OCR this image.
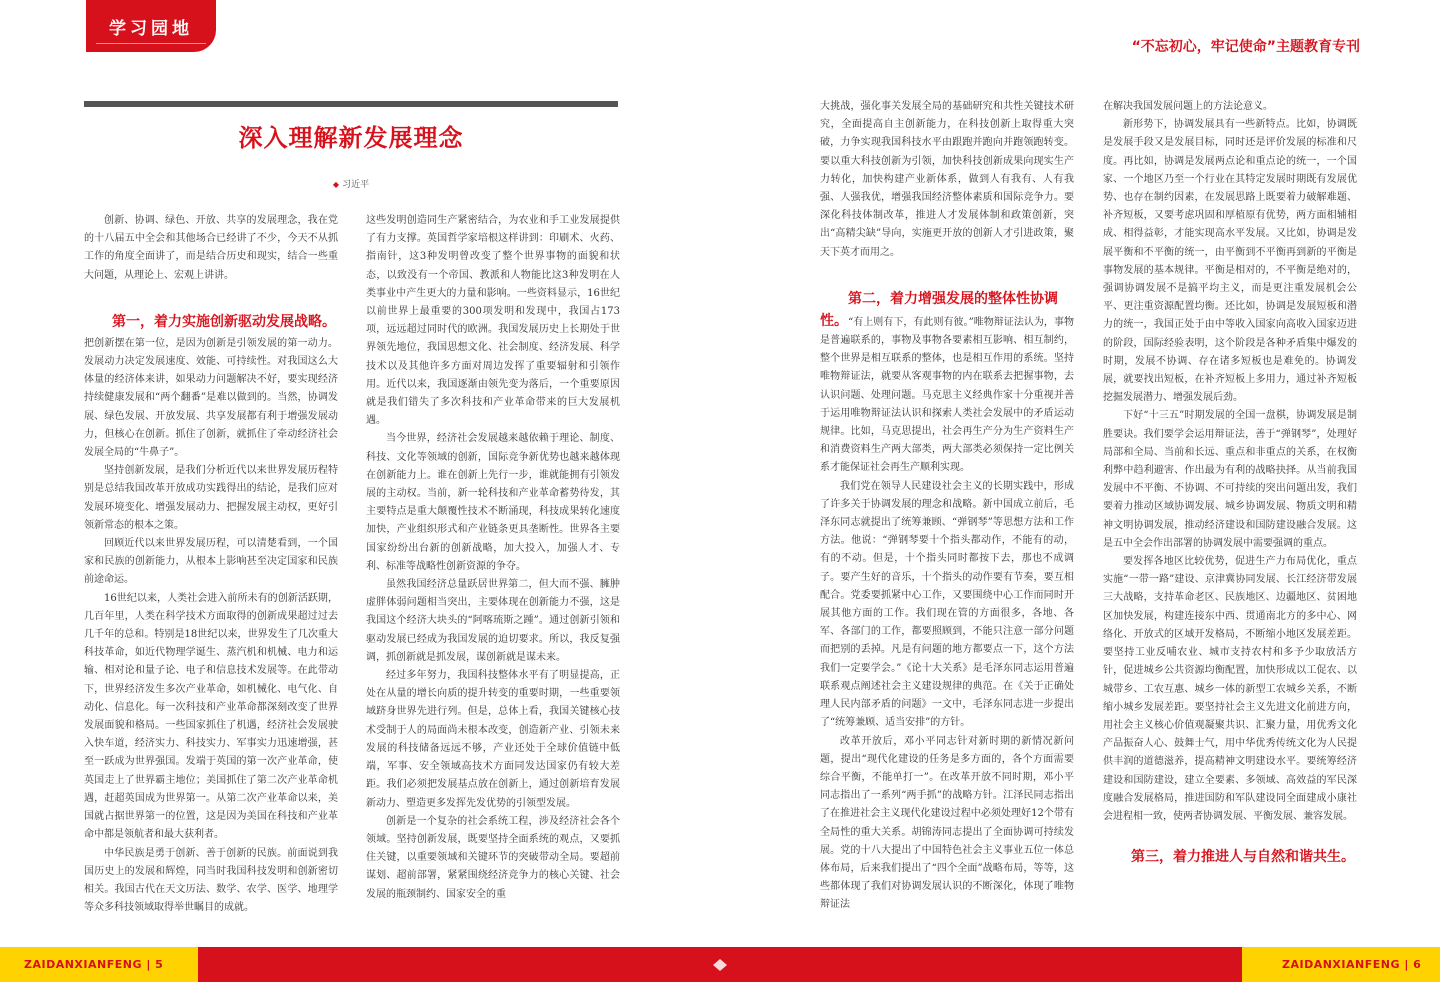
学习园地
“不忘初心，牢记使命”主题教育专刊
深入理解新发展理念
◆ 习近平

创新、协调、绿色、开放、共享的发展理念，我在党的十八届五中全会和其他场合已经讲了不少，今天不从抓工作的角度全面讲了，而是结合历史和现实，结合一些重大问题，从理论上、宏观上讲讲。

第一，着力实施创新驱动发展战略。

把创新摆在第一位，是因为创新是引领发展的第一动力。发展动力决定发展速度、效能、可持续性。对我国这么大体量的经济体来讲，如果动力问题解决不好，要实现经济持续健康发展和“两个翻番”是难以做到的。当然，协调发展、绿色发展、开放发展、共享发展都有利于增强发展动力，但核心在创新。抓住了创新，就抓住了牵动经济社会发展全局的“牛鼻子”。

坚持创新发展，是我们分析近代以来世界发展历程特别是总结我国改革开放成功实践得出的结论，是我们应对发展环境变化、增强发展动力、把握发展主动权，更好引领新常态的根本之策。

回顾近代以来世界发展历程，可以清楚看到，一个国家和民族的创新能力，从根本上影响甚至决定国家和民族前途命运。

16世纪以来，人类社会进入前所未有的创新活跃期，几百年里，人类在科学技术方面取得的创新成果超过过去几千年的总和。特别是18世纪以来，世界发生了几次重大科技革命，如近代物理学诞生、蒸汽机和机械、电力和运输、相对论和量子论、电子和信息技术发展等。在此带动下，世界经济发生多次产业革命，如机械化、电气化、自动化、信息化。每一次科技和产业革命都深刻改变了世界发展面貌和格局。一些国家抓住了机遇，经济社会发展驶入快车道，经济实力、科技实力、军事实力迅速增强，甚至一跃成为世界强国。发端于英国的第一次产业革命，使英国走上了世界霸主地位；美国抓住了第二次产业革命机遇，赶超英国成为世界第一。从第二次产业革命以来，美国就占据世界第一的位置，这是因为美国在科技和产业革命中都是领航者和最大获利者。

中华民族是勇于创新、善于创新的民族。前面说到我国历史上的发展和辉煌，同当时我国科技发明和创新密切相关。我国古代在天文历法、数学、农学、医学、地理学等众多科技领域取得举世瞩目的成就。

这些发明创造同生产紧密结合，为农业和手工业发展提供了有力支撑。英国哲学家培根这样讲到：印刷术、火药、指南针，这3种发明曾改变了整个世界事物的面貌和状态，以致没有一个帝国、教派和人物能比这3种发明在人类事业中产生更大的力量和影响。一些资料显示，16世纪以前世界上最重要的300项发明和发现中，我国占173项，远远超过同时代的欧洲。我国发展历史上长期处于世界领先地位，我国思想文化、社会制度、经济发展、科学技术以及其他许多方面对周边发挥了重要辐射和引领作用。近代以来，我国逐渐由领先变为落后，一个重要原因就是我们错失了多次科技和产业革命带来的巨大发展机遇。

当今世界，经济社会发展越来越依赖于理论、制度、科技、文化等领域的创新，国际竞争新优势也越来越体现在创新能力上。谁在创新上先行一步，谁就能拥有引领发展的主动权。当前，新一轮科技和产业革命蓄势待发，其主要特点是重大颠覆性技术不断涌现，科技成果转化速度加快，产业组织形式和产业链条更具垄断性。世界各主要国家纷纷出台新的创新战略，加大投入，加强人才、专利、标准等战略性创新资源的争夺。

虽然我国经济总量跃居世界第二，但大而不强、臃肿虚胖体弱问题相当突出，主要体现在创新能力不强，这是我国这个经济大块头的“阿喀琉斯之踵”。通过创新引领和驱动发展已经成为我国发展的迫切要求。所以，我反复强调，抓创新就是抓发展，谋创新就是谋未来。

经过多年努力，我国科技整体水平有了明显提高，正处在从量的增长向质的提升转变的重要时期，一些重要领域跻身世界先进行列。但是，总体上看，我国关键核心技术受制于人的局面尚未根本改变，创造新产业、引领未来发展的科技储备远远不够，产业还处于全球价值链中低端，军事、安全领域高技术方面同发达国家仍有较大差距。我们必须把发展基点放在创新上，通过创新培育发展新动力、塑造更多发挥先发优势的引领型发展。

创新是一个复杂的社会系统工程，涉及经济社会各个领域。坚持创新发展，既要坚持全面系统的观点，又要抓住关键，以重要领域和关键环节的突破带动全局。要超前谋划、超前部署，紧紧围绕经济竞争力的核心关键、社会发展的瓶颈制约、国家安全的重

大挑战，强化事关发展全局的基础研究和共性关键技术研究，全面提高自主创新能力，在科技创新上取得重大突破，力争实现我国科技水平由跟跑并跑向并跑领跑转变。要以重大科技创新为引领，加快科技创新成果向现实生产力转化，加快构建产业新体系，做到人有我有、人有我强、人强我优，增强我国经济整体素质和国际竞争力。要深化科技体制改革，推进人才发展体制和政策创新，突出“高精尖缺”导向，实施更开放的创新人才引进政策，聚天下英才而用之。

第二，着力增强发展的整体性协调

性。“有上则有下，有此则有彼。”唯物辩证法认为，事物是普遍联系的，事物及事物各要素相互影响、相互制约，整个世界是相互联系的整体，也是相互作用的系统。坚持唯物辩证法，就要从客观事物的内在联系去把握事物，去认识问题、处理问题。马克思主义经典作家十分重视并善于运用唯物辩证法认识和探索人类社会发展中的矛盾运动规律。比如，马克思提出，社会再生产分为生产资料生产和消费资料生产两大部类，两大部类必须保持一定比例关系才能保证社会再生产顺利实现。

我们党在领导人民建设社会主义的长期实践中，形成了许多关于协调发展的理念和战略。新中国成立前后，毛泽东同志就提出了统筹兼顾、“弹钢琴”等思想方法和工作方法。他说：“弹钢琴要十个指头都动作，不能有的动，有的不动。但是，十个指头同时都按下去，那也不成调子。要产生好的音乐，十个指头的动作要有节奏，要互相配合。党委要抓紧中心工作，又要围绕中心工作而同时开展其他方面的工作。我们现在管的方面很多，各地、各军、各部门的工作，都要照顾到，不能只注意一部分问题而把别的丢掉。凡是有问题的地方都要点一下，这个方法我们一定要学会。”《论十大关系》是毛泽东同志运用普遍联系观点阐述社会主义建设规律的典范。在《关于正确处理人民内部矛盾的问题》一文中，毛泽东同志进一步提出了“统筹兼顾、适当安排”的方针。

改革开放后，邓小平同志针对新时期的新情况新问题，提出“现代化建设的任务是多方面的，各个方面需要综合平衡，不能单打一”。在改革开放不同时期，邓小平同志指出了一系列“两手抓”的战略方针。江泽民同志指出了在推进社会主义现代化建设过程中必须处理好12个带有全局性的重大关系。胡锦涛同志提出了全面协调可持续发展。党的十八大提出了中国特色社会主义事业五位一体总体布局，后来我们提出了“四个全面”战略布局，等等，这些都体现了我们对协调发展认识的不断深化，体现了唯物辩证法

在解决我国发展问题上的方法论意义。

新形势下，协调发展具有一些新特点。比如，协调既是发展手段又是发展目标，同时还是评价发展的标准和尺度。再比如，协调是发展两点论和重点论的统一，一个国家、一个地区乃至一个行业在其特定发展时期既有发展优势、也存在制约因素，在发展思路上既要着力破解难题、补齐短板，又要考虑巩固和厚植原有优势，两方面相辅相成、相得益彰，才能实现高水平发展。又比如，协调是发展平衡和不平衡的统一，由平衡到不平衡再到新的平衡是事物发展的基本规律。平衡是相对的，不平衡是绝对的，强调协调发展不是搞平均主义，而是更注重发展机会公平、更注重资源配置均衡。还比如，协调是发展短板和潜力的统一，我国正处于由中等收入国家向高收入国家迈进的阶段，国际经验表明，这个阶段是各种矛盾集中爆发的时期，发展不协调、存在诸多短板也是难免的。协调发展，就要找出短板，在补齐短板上多用力，通过补齐短板挖掘发展潜力、增强发展后劲。

下好“十三五”时期发展的全国一盘棋，协调发展是制胜要诀。我们要学会运用辩证法，善于“弹钢琴”，处理好局部和全局、当前和长远、重点和非重点的关系，在权衡利弊中趋利避害、作出最为有利的战略抉择。从当前我国发展中不平衡、不协调、不可持续的突出问题出发，我们要着力推动区域协调发展、城乡协调发展、物质文明和精神文明协调发展，推动经济建设和国防建设融合发展。这是五中全会作出部署的协调发展中需要强调的重点。

要发挥各地区比较优势，促进生产力布局优化，重点实施“一带一路”建设、京津冀协同发展、长江经济带发展三大战略，支持革命老区、民族地区、边疆地区、贫困地区加快发展，构建连接东中西、贯通南北方的多中心、网络化、开放式的区域开发格局，不断缩小地区发展差距。要坚持工业反哺农业、城市支持农村和多予少取放活方针，促进城乡公共资源均衡配置，加快形成以工促农、以城带乡、工农互惠、城乡一体的新型工农城乡关系，不断缩小城乡发展差距。要坚持社会主义先进文化前进方向，用社会主义核心价值观凝聚共识、汇聚力量，用优秀文化产品振奋人心、鼓舞士气，用中华优秀传统文化为人民提供丰润的道德滋养，提高精神文明建设水平。要统筹经济建设和国防建设，建立全要素、多领域、高效益的军民深度融合发展格局，推进国防和军队建设同全面建成小康社会进程相一致，使两者协调发展、平衡发展、兼容发展。

第三，着力推进人与自然和谐共生。

ZAIDANXIANFENG | 5	ZAIDANXIANFENG | 6
